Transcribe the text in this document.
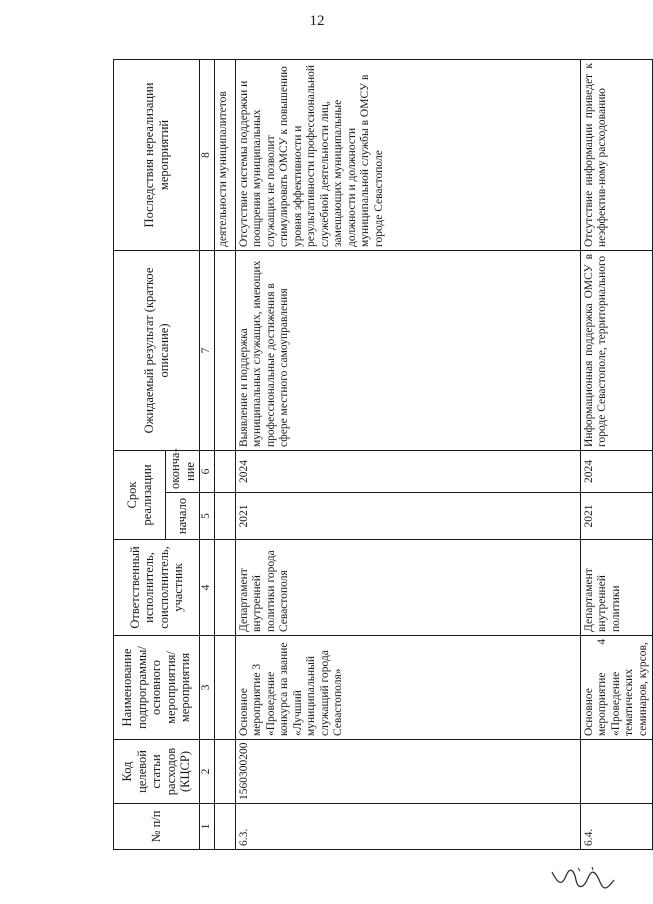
12
№ п/п	Код целевой статьи расходов (КЦСР)	Наименование подпрограммы/ основного мероприятия/ мероприятия	Ответственный исполнитель, соисполнитель, участник	Срок реализации		Ожидаемый результат (краткое описание)	Последствия нереализации мероприятий
				начало	оконча-ние		
1	2	3	4	5	6	7	8
							деятельности муниципалитетов
6.3.	1560300200	Основное мероприятие 3 «Проведение конкурса на звание «Лучший муниципальный служащий города Севастополя»	Департамент внутренней политики города Севастополя	2021	2024	Выявление и поддержка муниципальных служащих, имеющих профессиональные достижения в сфере местного самоуправления	Отсутствие системы поддержки и поощрения муниципальных служащих не позволит стимулировать ОМСУ к повышению уровня эффективности и результативности профессиональной служебной деятельности лиц, замещающих муниципальные должности и должности муниципальной службы в ОМСУ в городе Севастополе
6.4.		Основное мероприятие 4 «Проведение тематических семинаров, курсов,	Департамент внутренней политики	2021	2024	Информационная поддержка ОМСУ в городе Севастополе, территориального	Отсутствие информации приведет к неэффектив-ному расходованию
